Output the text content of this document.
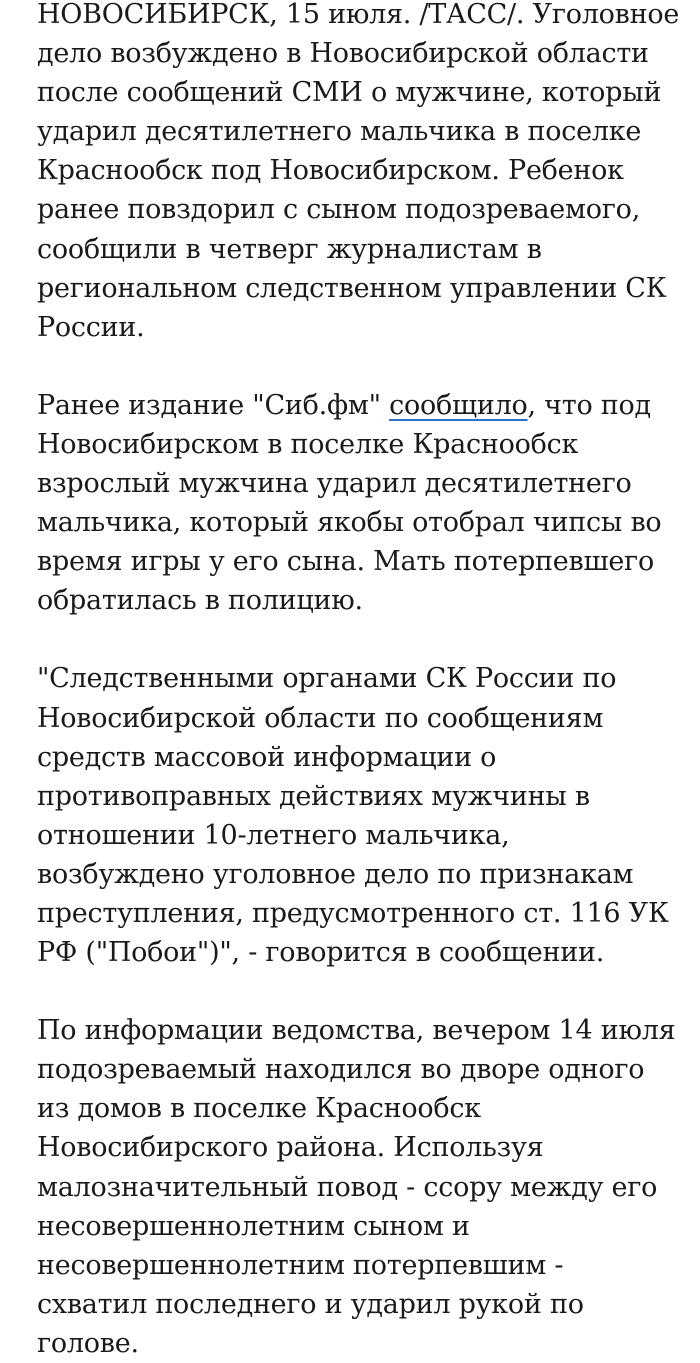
НОВОСИБИРСК, 15 июля. /ТАСС/. Уголовное дело возбуждено в Новосибирской области после сообщений СМИ о мужчине, который ударил десятилетнего мальчика в поселке Краснообск под Новосибирском. Ребенок ранее повздорил с сыном подозреваемого, сообщили в четверг журналистам в региональном следственном управлении СК России.

Ранее издание "Сиб.фм" сообщило, что под Новосибирском в поселке Краснообск взрослый мужчина ударил десятилетнего мальчика, который якобы отобрал чипсы во время игры у его сына. Мать потерпевшего обратилась в полицию.

"Следственными органами СК России по Новосибирской области по сообщениям средств массовой информации о противоправных действиях мужчины в отношении 10-летнего мальчика, возбуждено уголовное дело по признакам преступления, предусмотренного ст. 116 УК РФ ("Побои")", - говорится в сообщении.

По информации ведомства, вечером 14 июля подозреваемый находился во дворе одного из домов в поселке Краснообск Новосибирского района. Используя малозначительный повод - ссору между его несовершеннолетним сыном и несовершеннолетним потерпевшим - схватил последнего и ударил рукой по голове.
